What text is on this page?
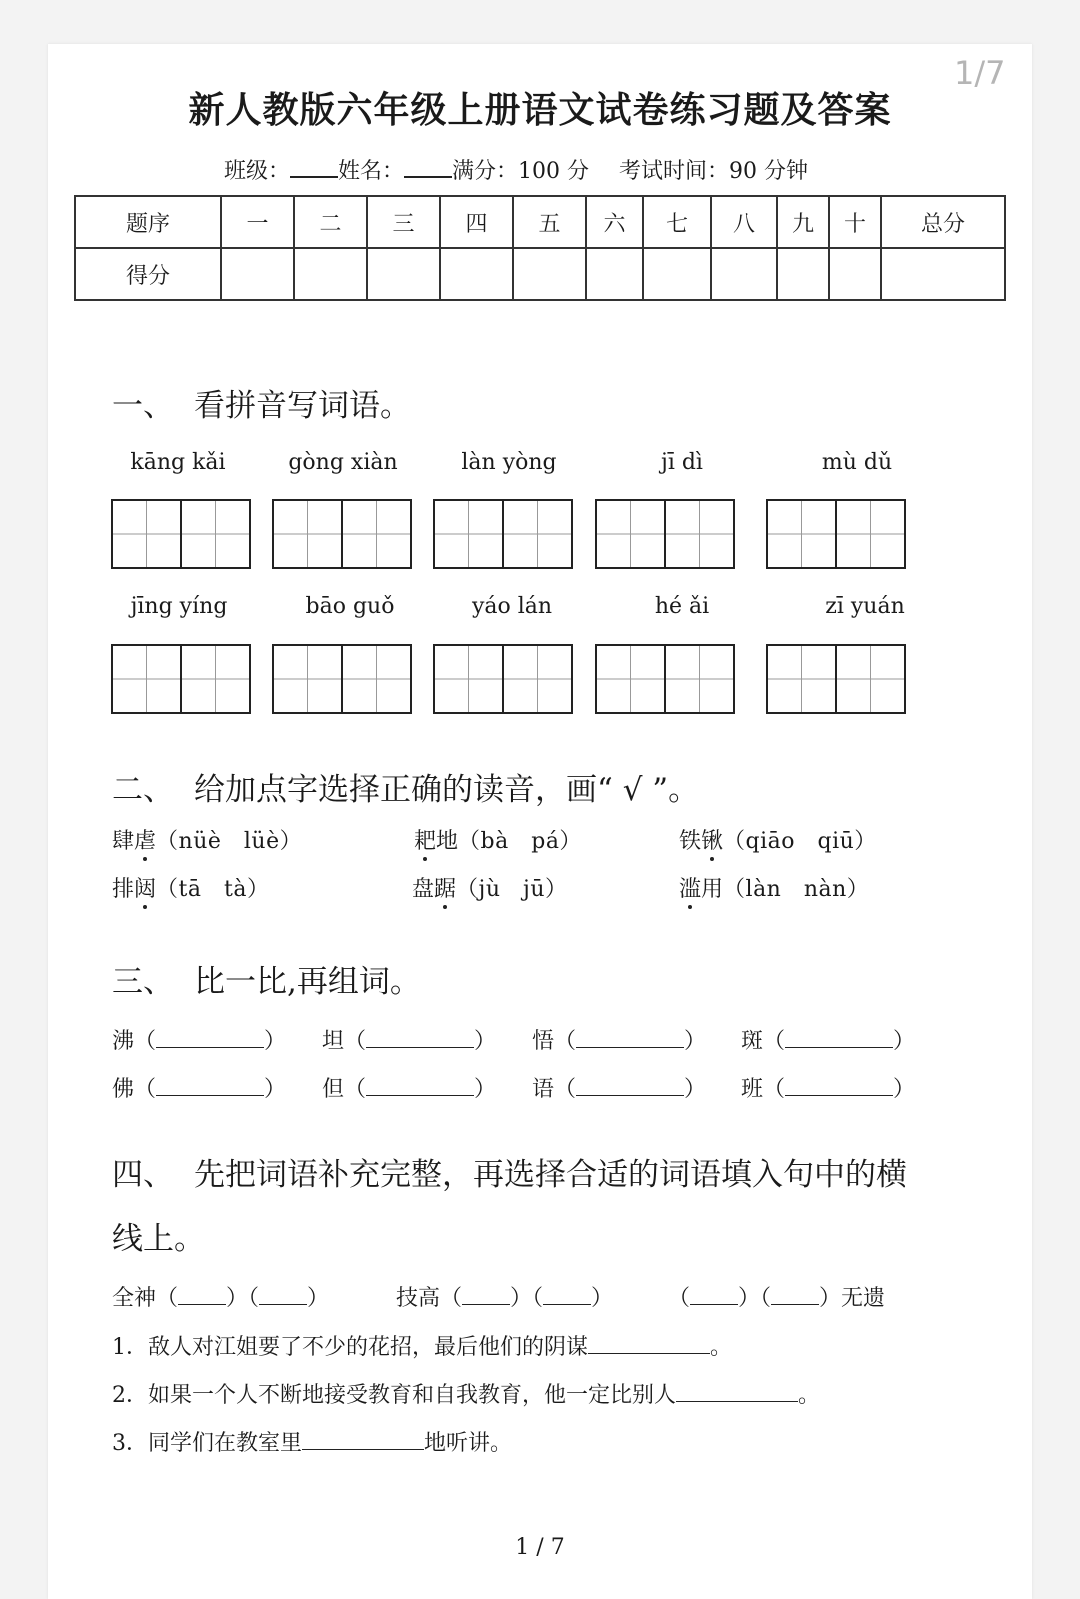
1/7
新人教版六年级上册语文试卷练习题及答案
班级： 姓名： 满分：100 分 考试时间：90 分钟
题序	一	二	三	四	五	六	七	八	九	十	总分
得分											
一、 看拼音写词语。
kāng kǎi	gòng xiàn	làn yòng	jī dì	mù dǔ
jīng yíng	bāo guǒ	yáo lán	hé ǎi	zī yuán
二、 给加点字选择正确的读音，画“ √ ”。
肆虐（nüè　lüè）	耙地（bà　pá）	铁锹（qiāo　qiū）
排闼（tā　tà）	盘踞（jù　jū）	滥用（làn　nàn）
三、 比一比,再组词。
沸（	） 坦（	） 悟（	） 斑（	）
佛（	） 但（	） 语（	） 班（	）
四、 先把词语补充完整，再选择合适的词语填入句中的横
线上。
全神（ ）（ ）	技高（ ）（ ） （ ）（ ）无遗
1．敌人对江姐要了不少的花招，最后他们的阴谋	。
2．如果一个人不断地接受教育和自我教育，他一定比别人	。
3．同学们在教室里	地听讲。
1 / 7
